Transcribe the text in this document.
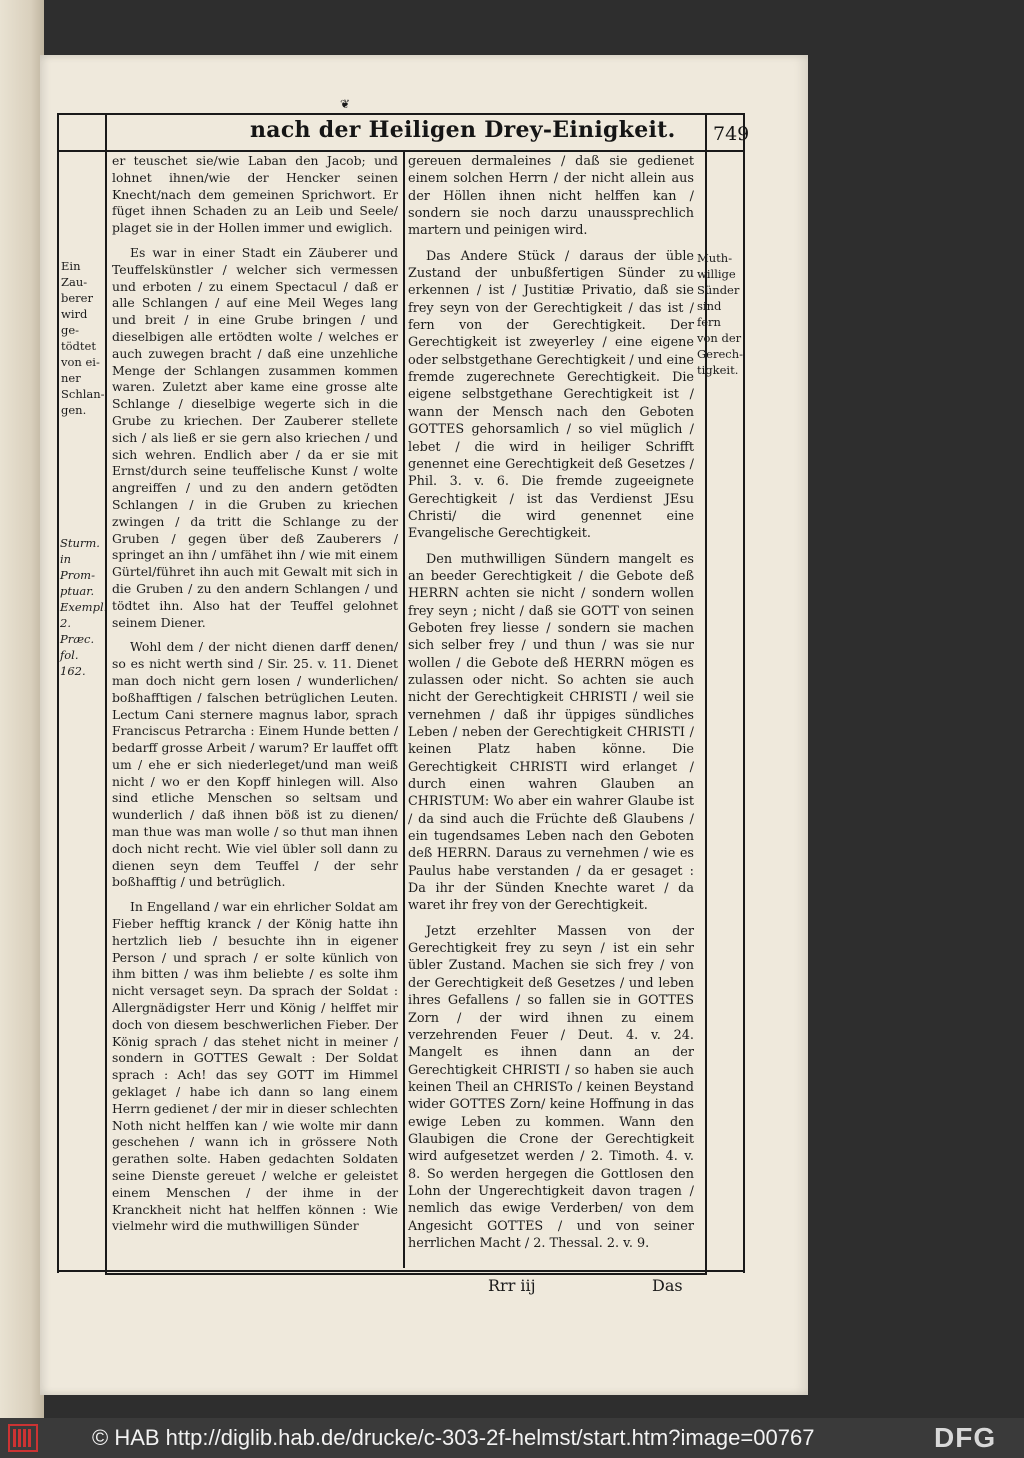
❦
nach der Heiligen Drey-Einigkeit. 749
Ein Zau-
berer
wird ge-
tödtet
von ei-
ner
Schlan-
gen.
Sturm.
in Prom-
ptuar.
Exempl.
2. Præc.
fol. 162.
Muth-
willige
Sünder
sind fern
von der
Gerech-
tigkeit.

er teuschet sie/wie Laban den Jacob; und lohnet ihnen/wie der Hencker seinen Knecht/nach dem gemeinen Sprichwort. Er füget ihnen Schaden zu an Leib und Seele/ plaget sie in der Hollen immer und ewiglich.

Es war in einer Stadt ein Zäuberer und Teuffelskünstler / welcher sich vermessen und erboten / zu einem Spectacul / daß er alle Schlangen / auf eine Meil Weges lang und breit / in eine Grube bringen / und dieselbigen alle ertödten wolte / welches er auch zuwegen bracht / daß eine unzehliche Menge der Schlangen zusammen kommen waren. Zuletzt aber kame eine grosse alte Schlange / dieselbige wegerte sich in die Grube zu kriechen. Der Zauberer stellete sich / als ließ er sie gern also kriechen / und sich wehren. Endlich aber / da er sie mit Ernst/durch seine teuffelische Kunst / wolte angreiffen / und zu den andern getödten Schlangen / in die Gruben zu kriechen zwingen / da tritt die Schlange zu der Gruben / gegen über deß Zauberers / springet an ihn / umfähet ihn / wie mit einem Gürtel/führet ihn auch mit Gewalt mit sich in die Gruben / zu den andern Schlangen / und tödtet ihn. Also hat der Teuffel gelohnet seinem Diener.

Wohl dem / der nicht dienen darff denen/ so es nicht werth sind / Sir. 25. v. 11. Dienet man doch nicht gern losen / wunderlichen/ boßhafftigen / falschen betrüglichen Leuten. Lectum Cani sternere magnus labor, sprach Franciscus Petrarcha : Einem Hunde betten / bedarff grosse Arbeit / warum? Er lauffet offt um / ehe er sich niederleget/und man weiß nicht / wo er den Kopff hinlegen will. Also sind etliche Menschen so seltsam und wunderlich / daß ihnen böß ist zu dienen/ man thue was man wolle / so thut man ihnen doch nicht recht. Wie viel übler soll dann zu dienen seyn dem Teuffel / der sehr boßhafftig / und betrüglich.

In Engelland / war ein ehrlicher Soldat am Fieber hefftig kranck / der König hatte ihn hertzlich lieb / besuchte ihn in eigener Person / und sprach / er solte künlich von ihm bitten / was ihm beliebte / es solte ihm nicht versaget seyn. Da sprach der Soldat : Allergnädigster Herr und König / helffet mir doch von diesem beschwerlichen Fieber. Der König sprach / das stehet nicht in meiner / sondern in GOTTES Gewalt : Der Soldat sprach : Ach! das sey GOTT im Himmel geklaget / habe ich dann so lang einem Herrn gedienet / der mir in dieser schlechten Noth nicht helffen kan / wie wolte mir dann geschehen / wann ich in grössere Noth gerathen solte. Haben gedachten Soldaten seine Dienste gereuet / welche er geleistet einem Menschen / der ihme in der Kranckheit nicht hat helffen können : Wie vielmehr wird die muthwilligen Sünder

gereuen dermaleines / daß sie gedienet einem solchen Herrn / der nicht allein aus der Höllen ihnen nicht helffen kan / sondern sie noch darzu unaussprechlich martern und peinigen wird.

Das Andere Stück / daraus der üble Zustand der unbußfertigen Sünder zu erkennen / ist / Justitiæ Privatio, daß sie frey seyn von der Gerechtigkeit / das ist / fern von der Gerechtigkeit. Der Gerechtigkeit ist zweyerley / eine eigene oder selbstgethane Gerechtigkeit / und eine fremde zugerechnete Gerechtigkeit. Die eigene selbstgethane Gerechtigkeit ist / wann der Mensch nach den Geboten GOTTES gehorsamlich / so viel müglich / lebet / die wird in heiliger Schrifft genennet eine Gerechtigkeit deß Gesetzes / Phil. 3. v. 6. Die fremde zugeeignete Gerechtigkeit / ist das Verdienst JEsu Christi/ die wird genennet eine Evangelische Gerechtigkeit.

Den muthwilligen Sündern mangelt es an beeder Gerechtigkeit / die Gebote deß HERRN achten sie nicht / sondern wollen frey seyn ; nicht / daß sie GOTT von seinen Geboten frey liesse / sondern sie machen sich selber frey / und thun / was sie nur wollen / die Gebote deß HERRN mögen es zulassen oder nicht. So achten sie auch nicht der Gerechtigkeit CHRISTI / weil sie vernehmen / daß ihr üppiges sündliches Leben / neben der Gerechtigkeit CHRISTI / keinen Platz haben könne. Die Gerechtigkeit CHRISTI wird erlanget / durch einen wahren Glauben an CHRISTUM: Wo aber ein wahrer Glaube ist / da sind auch die Früchte deß Glaubens / ein tugendsames Leben nach den Geboten deß HERRN. Daraus zu vernehmen / wie es Paulus habe verstanden / da er gesaget : Da ihr der Sünden Knechte waret / da waret ihr frey von der Gerechtigkeit.

Jetzt erzehlter Massen von der Gerechtigkeit frey zu seyn / ist ein sehr übler Zustand. Machen sie sich frey / von der Gerechtigkeit deß Gesetzes / und leben ihres Gefallens / so fallen sie in GOTTES Zorn / der wird ihnen zu einem verzehrenden Feuer / Deut. 4. v. 24. Mangelt es ihnen dann an der Gerechtigkeit CHRISTI / so haben sie auch keinen Theil an CHRISTo / keinen Beystand wider GOTTES Zorn/ keine Hoffnung in das ewige Leben zu kommen. Wann den Glaubigen die Crone der Gerechtigkeit wird aufgesetzet werden / 2. Timoth. 4. v. 8. So werden hergegen die Gottlosen den Lohn der Ungerechtigkeit davon tragen / nemlich das ewige Verderben/ von dem Angesicht GOTTES / und von seiner herrlichen Macht / 2. Thessal. 2. v. 9.

Rrr iij	Das
© HAB http://diglib.hab.de/drucke/c-303-2f-helmst/start.htm?image=00767	DFG
